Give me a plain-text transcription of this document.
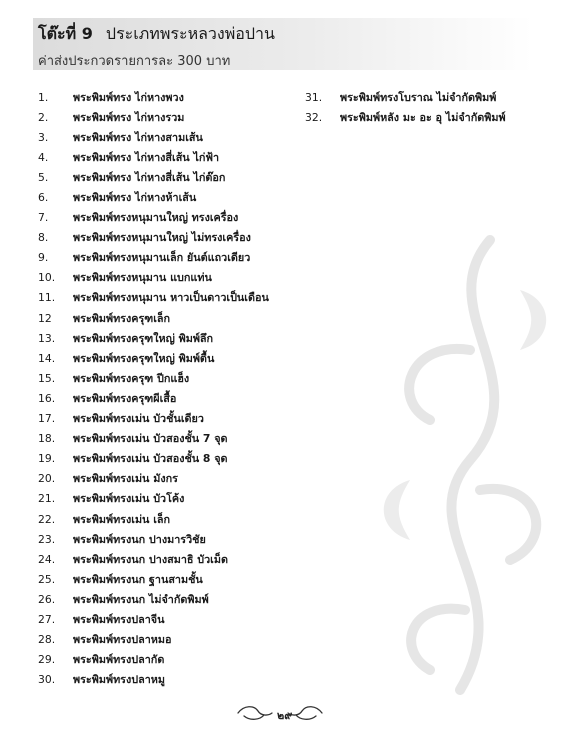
โต๊ะที่ 9 ประเภทพระหลวงพ่อปาน
ค่าส่งประกวดรายการละ 300 บาท
1.	พระพิมพ์ทรง ไก่หางพวง
2.	พระพิมพ์ทรง ไก่หางรวม
3.	พระพิมพ์ทรง ไก่หางสามเส้น
4.	พระพิมพ์ทรง ไก่หางสี่เส้น ไก่ฟ้า
5.	พระพิมพ์ทรง ไก่หางสี่เส้น ไก่ต๊อก
6.	พระพิมพ์ทรง ไก่หางห้าเส้น
7.	พระพิมพ์ทรงหนุมานใหญ่ ทรงเครื่อง
8.	พระพิมพ์ทรงหนุมานใหญ่ ไม่ทรงเครื่อง
9.	พระพิมพ์ทรงหนุมานเล็ก ยันต์แถวเดียว
10.	พระพิมพ์ทรงหนุมาน แบกแท่น
11.	พระพิมพ์ทรงหนุมาน หาวเป็นดาวเป็นเดือน
12	พระพิมพ์ทรงครุฑเล็ก
13.	พระพิมพ์ทรงครุฑใหญ่ พิมพ์ลึก
14.	พระพิมพ์ทรงครุฑใหญ่ พิมพ์ตื้น
15.	พระพิมพ์ทรงครุฑ ปีกแฮ็ง
16.	พระพิมพ์ทรงครุฑผีเสื้อ
17.	พระพิมพ์ทรงเม่น บัวชั้นเดียว
18.	พระพิมพ์ทรงเม่น บัวสองชั้น 7 จุด
19.	พระพิมพ์ทรงเม่น บัวสองชั้น 8 จุด
20.	พระพิมพ์ทรงเม่น มังกร
21.	พระพิมพ์ทรงเม่น บัวโค้ง
22.	พระพิมพ์ทรงเม่น เล็ก
23.	พระพิมพ์ทรงนก ปางมารวิชัย
24.	พระพิมพ์ทรงนก ปางสมาธิ บัวเม็ด
25.	พระพิมพ์ทรงนก ฐานสามชั้น
26.	พระพิมพ์ทรงนก ไม่จำกัดพิมพ์
27.	พระพิมพ์ทรงปลาจีน
28.	พระพิมพ์ทรงปลาหมอ
29.	พระพิมพ์ทรงปลากัด
30.	พระพิมพ์ทรงปลาหมู
31.	พระพิมพ์ทรงโบราณ ไม่จำกัดพิมพ์
32.	พระพิมพ์หลัง มะ อะ อุ ไม่จำกัดพิมพ์
๒๙
